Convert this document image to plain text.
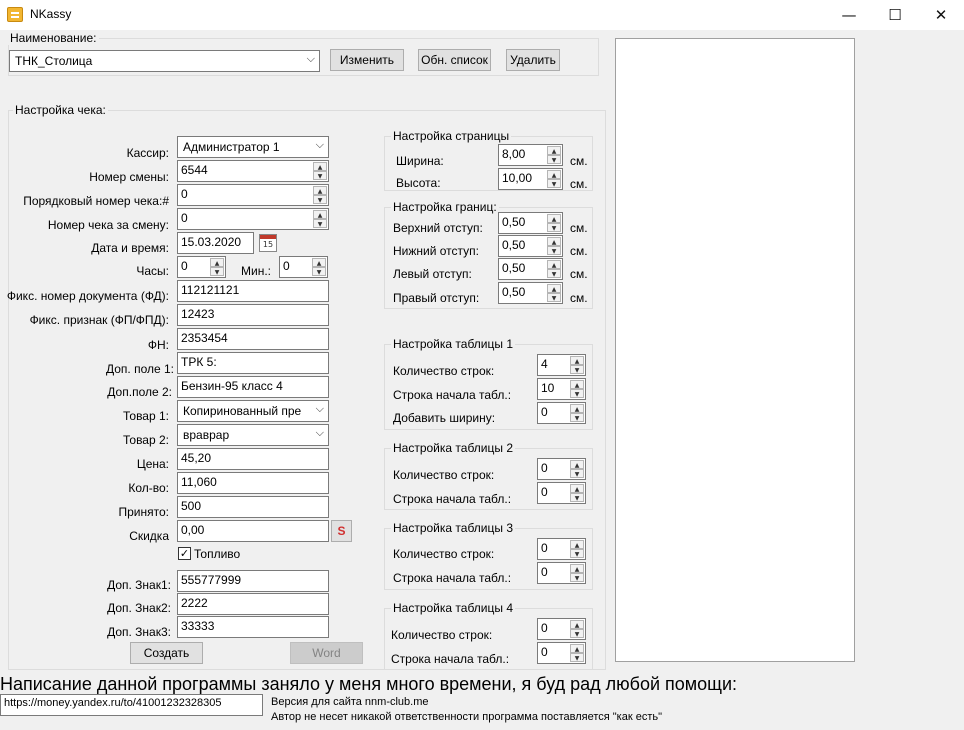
NKassy	—	☐	✕
Наименование:
ТНК_Столица	⌵	Изменить	Обн. список	Удалить
Настройка чека:
Кассир:	Администратор 1	⌵
Номер смены:	6544	▲
▼
Порядковый номер чека:#	0	▲
▼
Номер чека за смену:	0	▲
▼
Дата и время:	15.03.2020	15
Часы:	0	▲
▼	Мин.:	0	▲
▼
Фикс. номер документа (ФД):	112121121
Фикс. признак (ФП/ФПД):	12423
ФН:	2353454
Доп. поле 1: ТРК 5:
Доп.поле 2: Бензин-95 класс 4
Товар 1:	Копиринованный пре ⌵
Товар 2:	вравраp	⌵
Цена:	45,20
Кол-во:	11,060
Принято:	500
Скидка	0,00	S
✓ Топливо
Доп. Знак1: 555777999
Доп. Знак2: 2222
Доп. Знак3: 33333
Создать	Word
Настройка страницы
Ширина:	8,00	▲
▼	см.
Высота:	10,00	▲
▼	см.
Настройка границ:
Верхний отступ:	0,50	▲
▼	см.
Нижний отступ:	0,50	▲
▼	см.
Левый отступ:	0,50	▲
▼	см.
Правый отступ:	0,50	▲
▼	см.
Настройка таблицы 1
Количество строк:	4	▲
▼
Строка начала табл.:	10	▲
▼
Добавить ширину:	0	▲
▼
Настройка таблицы 2
Количество строк:	0	▲
▼
Строка начала табл.:	0	▲
▼
Настройка таблицы 3
Количество строк:	0	▲
▼
Строка начала табл.:	0	▲
▼
Настройка таблицы 4
Количество строк:	0	▲
▼
Строка начала табл.:	0	▲
▼
Написание данной программы заняло у меня много времени, я буд рад любой помощи:
https://money.yandex.ru/to/410012323283​05	Версия для сайта nnm-club.me
Автор не несет никакой ответственности программа поставляется "как есть"
